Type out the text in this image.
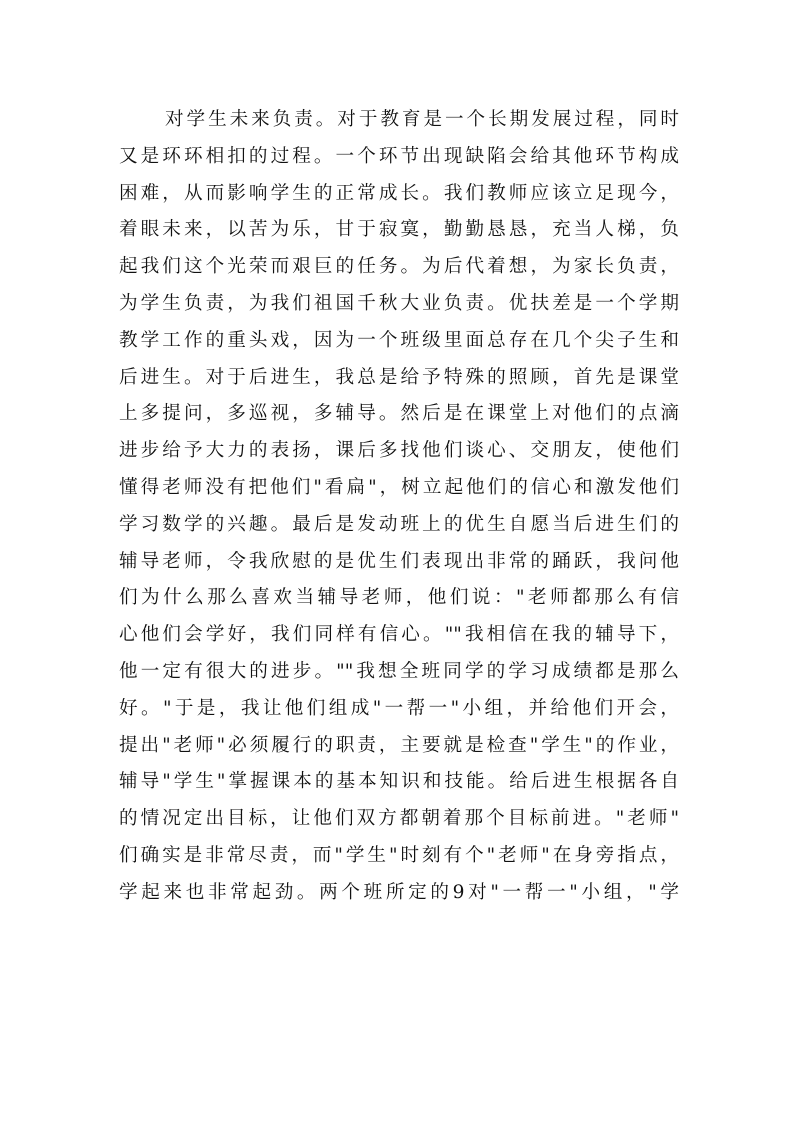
对学生未来负责。对于教育是一个长期发展过程，同时
又是环环相扣的过程。一个环节出现缺陷会给其他环节构成
困难，从而影响学生的正常成长。我们教师应该立足现今，
着眼未来，以苦为乐，甘于寂寞，勤勤恳恳，充当人梯，负
起我们这个光荣而艰巨的任务。为后代着想，为家长负责，
为学生负责，为我们祖国千秋大业负责。优扶差是一个学期
教学工作的重头戏，因为一个班级里面总存在几个尖子生和
后进生。对于后进生，我总是给予特殊的照顾，首先是课堂
上多提问，多巡视，多辅导。然后是在课堂上对他们的点滴
进步给予大力的表扬，课后多找他们谈心、交朋友，使他们
懂得老师没有把他们"看扁"，树立起他们的信心和激发他们
学习数学的兴趣。最后是发动班上的优生自愿当后进生们的
辅导老师，令我欣慰的是优生们表现出非常的踊跃，我问他
们为什么那么喜欢当辅导老师，他们说："老师都那么有信
心他们会学好，我们同样有信心。""我相信在我的辅导下，
他一定有很大的进步。""我想全班同学的学习成绩都是那么
好。"于是，我让他们组成"一帮一"小组，并给他们开会，
提出"老师"必须履行的职责，主要就是检查"学生"的作业，
辅导"学生"掌握课本的基本知识和技能。给后进生根据各自
的情况定出目标，让他们双方都朝着那个目标前进。"老师"
们确实是非常尽责，而"学生"时刻有个"老师"在身旁指点，
学起来也非常起劲。两个班所定的9对"一帮一"小组，"学
